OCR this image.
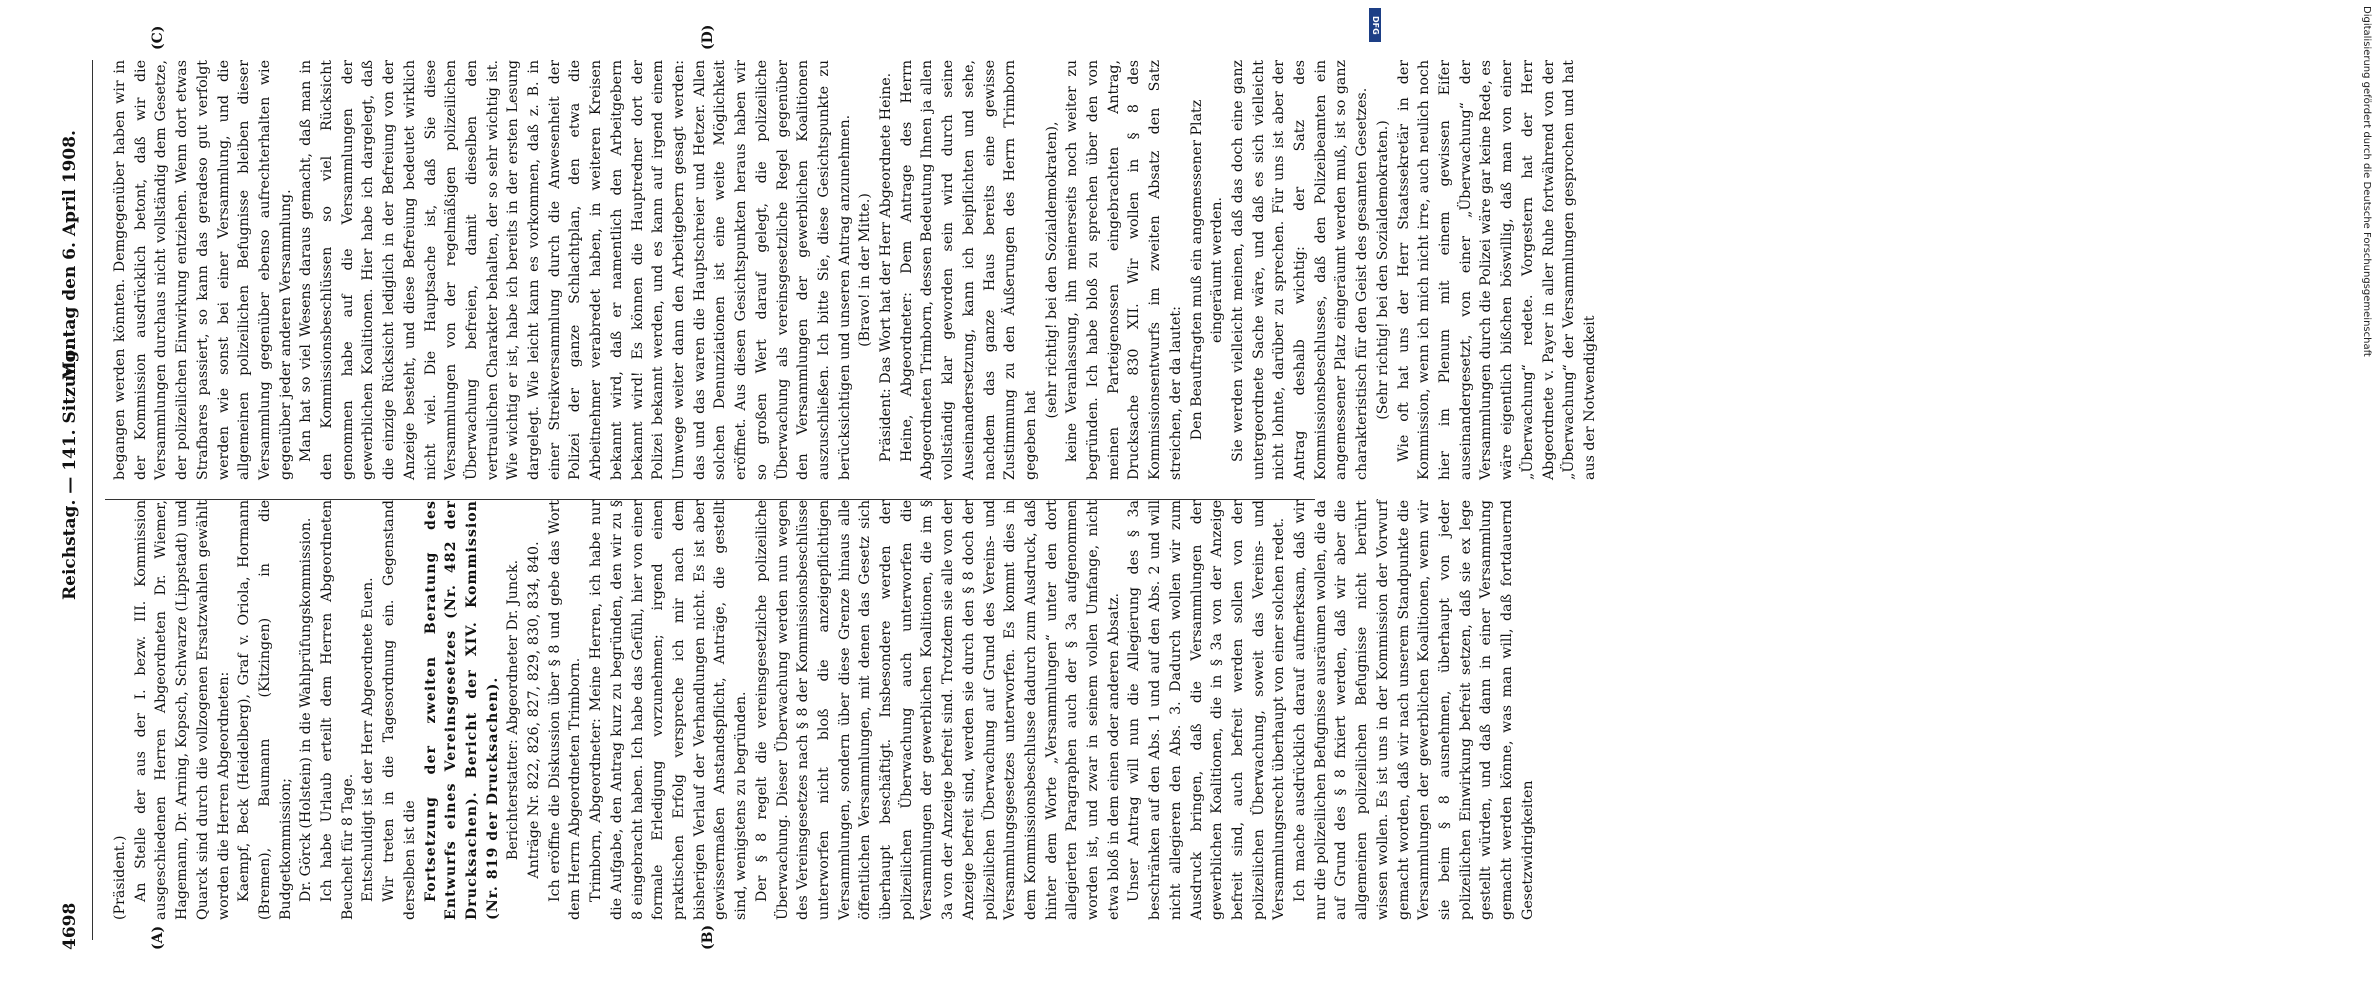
4698
Reichstag. — 141. Sitzung.
Montag den 6. April 1908.
(A)	(B)
(C)	(D)

(Präsident.) An Stelle der aus der I. bezw. III. Kommission ausgeschiedenen Herren Abgeordneten Dr. Wiemer, Hagemann, Dr. Arning, Kopsch, Schwarze (Lippstadt) und Quarck sind durch die vollzogenen Ersatzwahlen gewählt worden die Herren Abgeordneten: Kaempf, Beck (Heidelberg), Graf v. Oriola, Hormann (Bremen), Baumann (Kitzingen) in die Budgetkommission; Dr. Görck (Holstein) in die Wahlprüfungskommission. Ich habe Urlaub erteilt dem Herren Abgeordneten Beuchelt für 8 Tage. Entschuldigt ist der Herr Abgeordnete Euen. Wir treten in die Tagesordnung ein. Gegenstand derselben ist die Fortsetzung der zweiten Beratung des Entwurfs eines Vereinsgesetzes (Nr. 482 der Drucksachen). Bericht der XIV. Kommission (Nr. 819 der Drucksachen). Berichterstatter: Abgeordneter Dr. Junck. Anträge Nr. 822, 826, 827, 829, 830, 834, 840. Ich eröffne die Diskussion über § 8 und gebe das Wort dem Herrn Abgeordneten Trimborn. Trimborn, Abgeordneter: Meine Herren, ich habe nur die Aufgabe, den Antrag kurz zu begründen, den wir zu § 8 eingebracht haben. Ich habe das Gefühl, hier von einer formale Erledigung vorzunehmen; irgend einen praktischen Erfolg verspreche ich mir nach dem bisherigen Verlauf der Verhandlungen nicht. Es ist aber gewissermaßen Anstandspflicht, Anträge, die gestellt sind, wenigstens zu begründen. Der § 8 regelt die vereinsgesetzliche polizeiliche Überwachung. Dieser Überwachung werden nun wegen des Vereinsgesetzes nach § 8 der Kommissionsbeschlüsse unterworfen nicht bloß die anzeigepflichtigen Versammlungen, sondern über diese Grenze hinaus alle öffentlichen Versammlungen, mit denen das Gesetz sich überhaupt beschäftigt. Insbesondere werden der polizeilichen Überwachung auch unterworfen die Versammlungen der gewerblichen Koalitionen, die im § 3a von der Anzeige befreit sind. Trotzdem sie alle von der Anzeige befreit sind, werden sie durch den § 8 doch der polizeilichen Überwachung auf Grund des Vereins- und Versammlungsgesetzes unterworfen. Es kommt dies in dem Kommissionsbeschlusse dadurch zum Ausdruck, daß hinter dem Worte „Versammlungen“ unter den dort allegierten Paragraphen auch der § 3a aufgenommen worden ist, und zwar in seinem vollen Umfange, nicht etwa bloß in dem einen oder anderen Absatz. Unser Antrag will nun die Allegierung des § 3a beschränken auf den Abs. 1 und auf den Abs. 2 und will nicht allegieren den Abs. 3. Dadurch wollen wir zum Ausdruck bringen, daß die Versammlungen der gewerblichen Koalitionen, die in § 3a von der Anzeige befreit sind, auch befreit werden sollen von der polizeilichen Überwachung, soweit das Vereins- und Versammlungsrecht überhaupt von einer solchen redet. Ich mache ausdrücklich darauf aufmerksam, daß wir nur die polizeilichen Befugnisse ausräumen wollen, die da auf Grund des § 8 fixiert werden, daß wir aber die allgemeinen polizeilichen Befugnisse nicht berührt wissen wollen. Es ist uns in der Kommission der Vorwurf gemacht worden, daß wir nach unserem Standpunkte die Versammlungen der gewerblichen Koalitionen, wenn wir sie beim § 8 ausnehmen, überhaupt von jeder polizeilichen Einwirkung befreit setzen, daß sie ex lege gestellt würden, und daß dann in einer Versammlung gemacht werden könne, was man will, daß fortdauernd Gesetzwidrigkeiten

begangen werden könnten. Demgegenüber haben wir in der Kommission ausdrücklich betont, daß wir die Versammlungen durchaus nicht vollständig dem Gesetze, der polizeilichen Einwirkung entziehen. Wenn dort etwas Strafbares passiert, so kann das geradeso gut verfolgt werden wie sonst bei einer Versammlung, und die allgemeinen polizeilichen Befugnisse bleiben dieser Versammlung gegenüber ebenso aufrechterhalten wie gegenüber jeder anderen Versammlung. Man hat so viel Wesens daraus gemacht, daß man in den Kommissionsbeschlüssen so viel Rücksicht genommen habe auf die Versammlungen der gewerblichen Koalitionen. Hier habe ich dargelegt, daß die einzige Rücksicht lediglich in der Befreiung von der Anzeige besteht, und diese Befreiung bedeutet wirklich nicht viel. Die Hauptsache ist, daß Sie diese Versammlungen von der regelmäßigen polizeilichen Überwachung befreien, damit dieselben den vertraulichen Charakter behalten, der so sehr wichtig ist. Wie wichtig er ist, habe ich bereits in der ersten Lesung dargelegt. Wie leicht kann es vorkommen, daß z. B. in einer Streikversammlung durch die Anwesenheit der Polizei der ganze Schlachtplan, den etwa die Arbeitnehmer verabredet haben, in weiteren Kreisen bekannt wird, daß er namentlich den Arbeitgebern bekannt wird! Es können die Hauptredner dort der Polizei bekannt werden, und es kann auf irgend einem Umwege weiter dann den Arbeitgebern gesagt werden: das und das waren die Hauptschreier und Hetzer. Allen solchen Denunziationen ist eine weite Möglichkeit eröffnet. Aus diesen Gesichtspunkten heraus haben wir so großen Wert darauf gelegt, die polizeiliche Überwachung als vereinsgesetzliche Regel gegenüber den Versammlungen der gewerblichen Koalitionen auszuschließen. Ich bitte Sie, diese Gesichtspunkte zu berücksichtigen und unseren Antrag anzunehmen. (Bravo! in der Mitte.) Präsident: Das Wort hat der Herr Abgeordnete Heine. Heine, Abgeordneter: Dem Antrage des Herrn Abgeordneten Trimborn, dessen Bedeutung Ihnen ja allen vollständig klar geworden sein wird durch seine Auseinandersetzung, kann ich beipflichten und sehe, nachdem das ganze Haus bereits eine gewisse Zustimmung zu den Äußerungen des Herrn Trimborn gegeben hat

(sehr richtig! bei den Sozialdemokraten), keine Veranlassung, ihn meinerseits noch weiter zu begründen. Ich habe bloß zu sprechen über den von meinen Parteigenossen eingebrachten Antrag, Drucksache 830 XII. Wir wollen in § 8 des Kommissionsentwurfs im zweiten Absatz den Satz streichen, der da lautet: Den Beauftragten muß ein angemessener Platz eingeräumt werden. Sie werden vielleicht meinen, daß das doch eine ganz untergeordnete Sache wäre, und daß es sich vielleicht nicht lohnte, darüber zu sprechen. Für uns ist aber der Antrag deshalb wichtig: der Satz des Kommissionsbeschlusses, daß den Polizeibeamten ein angemessener Platz eingeräumt werden muß, ist so ganz charakteristisch für den Geist des gesamten Gesetzes. (Sehr richtig! bei den Sozialdemokraten.) Wie oft hat uns der Herr Staatssekretär in der Kommission, wenn ich mich nicht irre, auch neulich noch hier im Plenum mit einem gewissen Eifer auseinandergesetzt, von einer „Überwachung“ der Versammlungen durch die Polizei wäre gar keine Rede, es wäre eigentlich bißchen böswillig, daß man von einer „Überwachung“ redete. Vorgestern hat der Herr Abgeordnete v. Payer in aller Ruhe fortwährend von der „Überwachung“ der Versammlungen gesprochen und hat aus der Notwendigkeit

DFG	Digitalisierung gefördert durch die Deutsche Forschungsgemeinschaft
